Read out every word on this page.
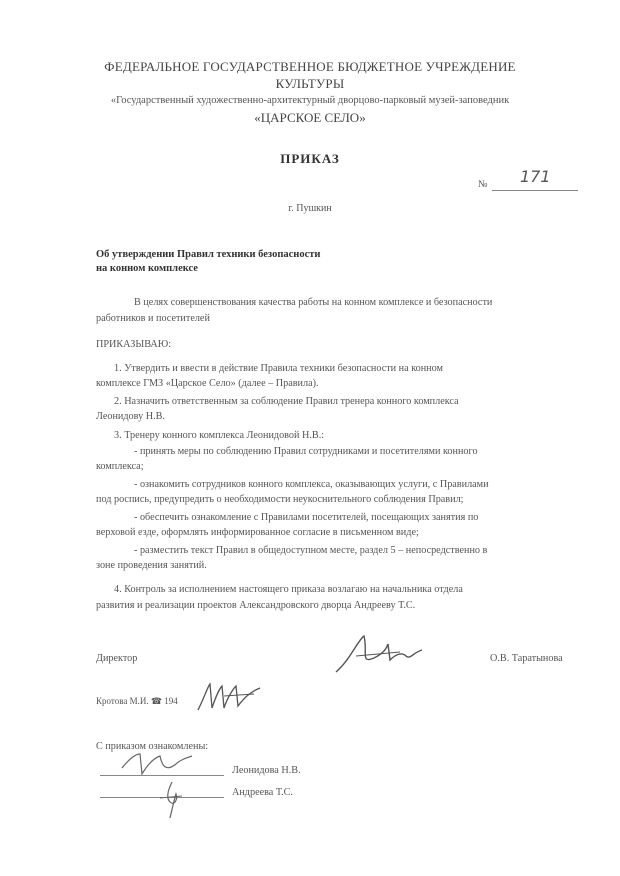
ФЕДЕРАЛЬНОЕ ГОСУДАРСТВЕННОЕ БЮДЖЕТНОЕ УЧРЕЖДЕНИЕ
КУЛЬТУРЫ
«Государственный художественно-архитектурный дворцово-парковый музей-заповедник
«ЦАРСКОЕ СЕЛО»
ПРИКАЗ
№ 171
г. Пушкин
Об утверждении Правил техники безопасности
на конном комплексе
В целях совершенствования качества работы на конном комплексе и безопасности
работников и посетителей
ПРИКАЗЫВАЮ:
1. Утвердить и ввести в действие Правила техники безопасности на конном
комплексе ГМЗ «Царское Село» (далее – Правила).
2. Назначить ответственным за соблюдение Правил тренера конного комплекса
Леонидову Н.В.
3. Тренеру конного комплекса Леонидовой Н.В.:
- принять меры по соблюдению Правил сотрудниками и посетителями конного
комплекса;
- ознакомить сотрудников конного комплекса, оказывающих услуги, с Правилами
под роспись, предупредить о необходимости неукоснительного соблюдения Правил;
- обеспечить ознакомление с Правилами посетителей, посещающих занятия по
верховой езде, оформлять информированное согласие в письменном виде;
- разместить текст Правил в общедоступном месте, раздел 5 – непосредственно в
зоне проведения занятий.
4. Контроль за исполнением настоящего приказа возлагаю на начальника отдела
развития и реализации проектов Александровского дворца Андрееву Т.С.
Директор	О.В. Таратынова
Кротова М.И. ☎ 194
С приказом ознакомлены:
Леонидова Н.В.
Андреева Т.С.
